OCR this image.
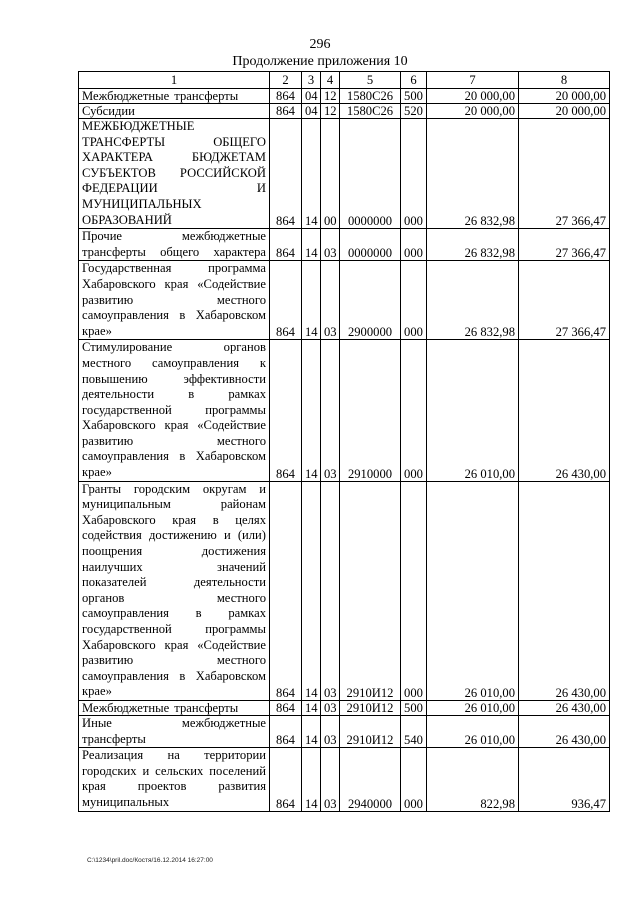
296
Продолжение приложения 10
1	2	3	4	5	6	7	8
Межбюджетные трансферты	864	04	12	1580С26	500	20 000,00	20 000,00
Субсидии	864	04	12	1580С26	520	20 000,00	20 000,00
МЕЖБЮДЖЕТНЫЕ ТРАНСФЕРТЫ ОБЩЕГО ХАРАКТЕРА БЮДЖЕТАМ СУБЪЕКТОВ РОССИЙСКОЙ ФЕДЕРАЦИИ И МУНИЦИПАЛЬНЫХ ОБРАЗОВАНИЙ	864	14	00	0000000	000	26 832,98	27 366,47
Прочие межбюджетные трансферты общего характера	864	14	03	0000000	000	26 832,98	27 366,47
Государственная программа Хабаровского края «Содействие развитию местного самоуправления в Хабаровском крае»	864	14	03	2900000	000	26 832,98	27 366,47
Стимулирование органов местного самоуправления к повышению эффективности деятельности в рамках государственной программы Хабаровского края «Содействие развитию местного самоуправления в Хабаровском крае»	864	14	03	2910000	000	26 010,00	26 430,00
Гранты городским округам и муниципальным районам Хабаровского края в целях содействия достижению и (или) поощрения достижения наилучших значений показателей деятельности органов местного самоуправления в рамках государственной программы Хабаровского края «Содействие развитию местного самоуправления в Хабаровском крае»	864	14	03	2910И12	000	26 010,00	26 430,00
Межбюджетные трансферты	864	14	03	2910И12	500	26 010,00	26 430,00
Иные межбюджетные трансферты	864	14	03	2910И12	540	26 010,00	26 430,00
Реализация на территории городских и сельских поселений края проектов развития муниципальных	864	14	03	2940000	000	822,98	936,47
C:\1234\pril.doc/Костя/16.12.2014 16:27:00
